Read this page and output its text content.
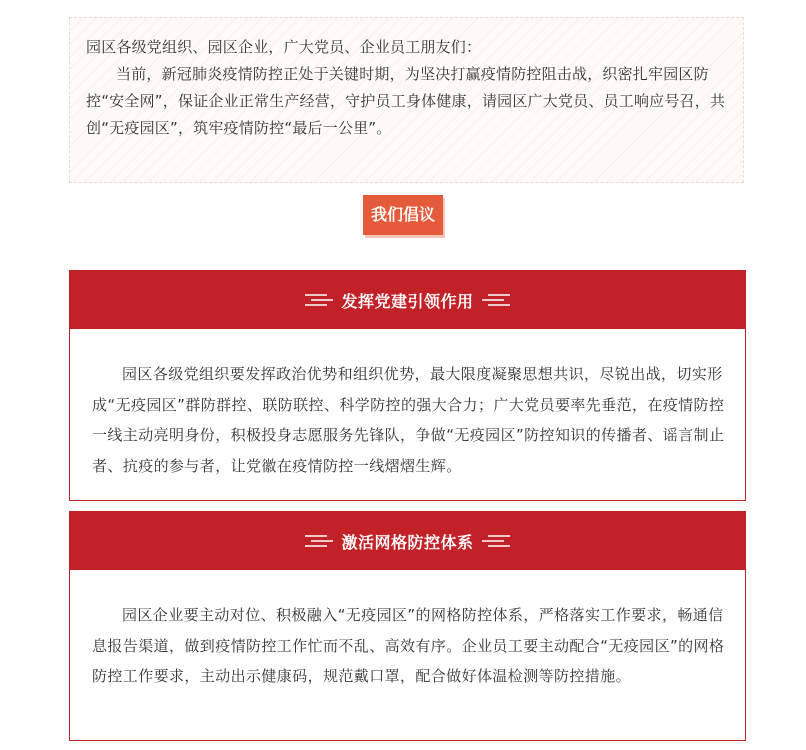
园区各级党组织、园区企业，广大党员、企业员工朋友们：

当前，新冠肺炎疫情防控正处于关键时期，为坚决打赢疫情防控阻击战，织密扎牢园区防控“安全网”，保证企业正常生产经营，守护员工身体健康，请园区广大党员、员工响应号召，共创“无疫园区”，筑牢疫情防控“最后一公里”。

我们倡议
发挥党建引领作用

园区各级党组织要发挥政治优势和组织优势，最大限度凝聚思想共识，尽锐出战，切实形成“无疫园区”群防群控、联防联控、科学防控的强大合力；广大党员要率先垂范，在疫情防控一线主动亮明身份，积极投身志愿服务先锋队，争做“无疫园区”防控知识的传播者、谣言制止者、抗疫的参与者，让党徽在疫情防控一线熠熠生辉。

激活网格防控体系

园区企业要主动对位、积极融入“无疫园区”的网格防控体系，严格落实工作要求，畅通信息报告渠道，做到疫情防控工作忙而不乱、高效有序。企业员工要主动配合“无疫园区”的网格防控工作要求，主动出示健康码，规范戴口罩，配合做好体温检测等防控措施。
